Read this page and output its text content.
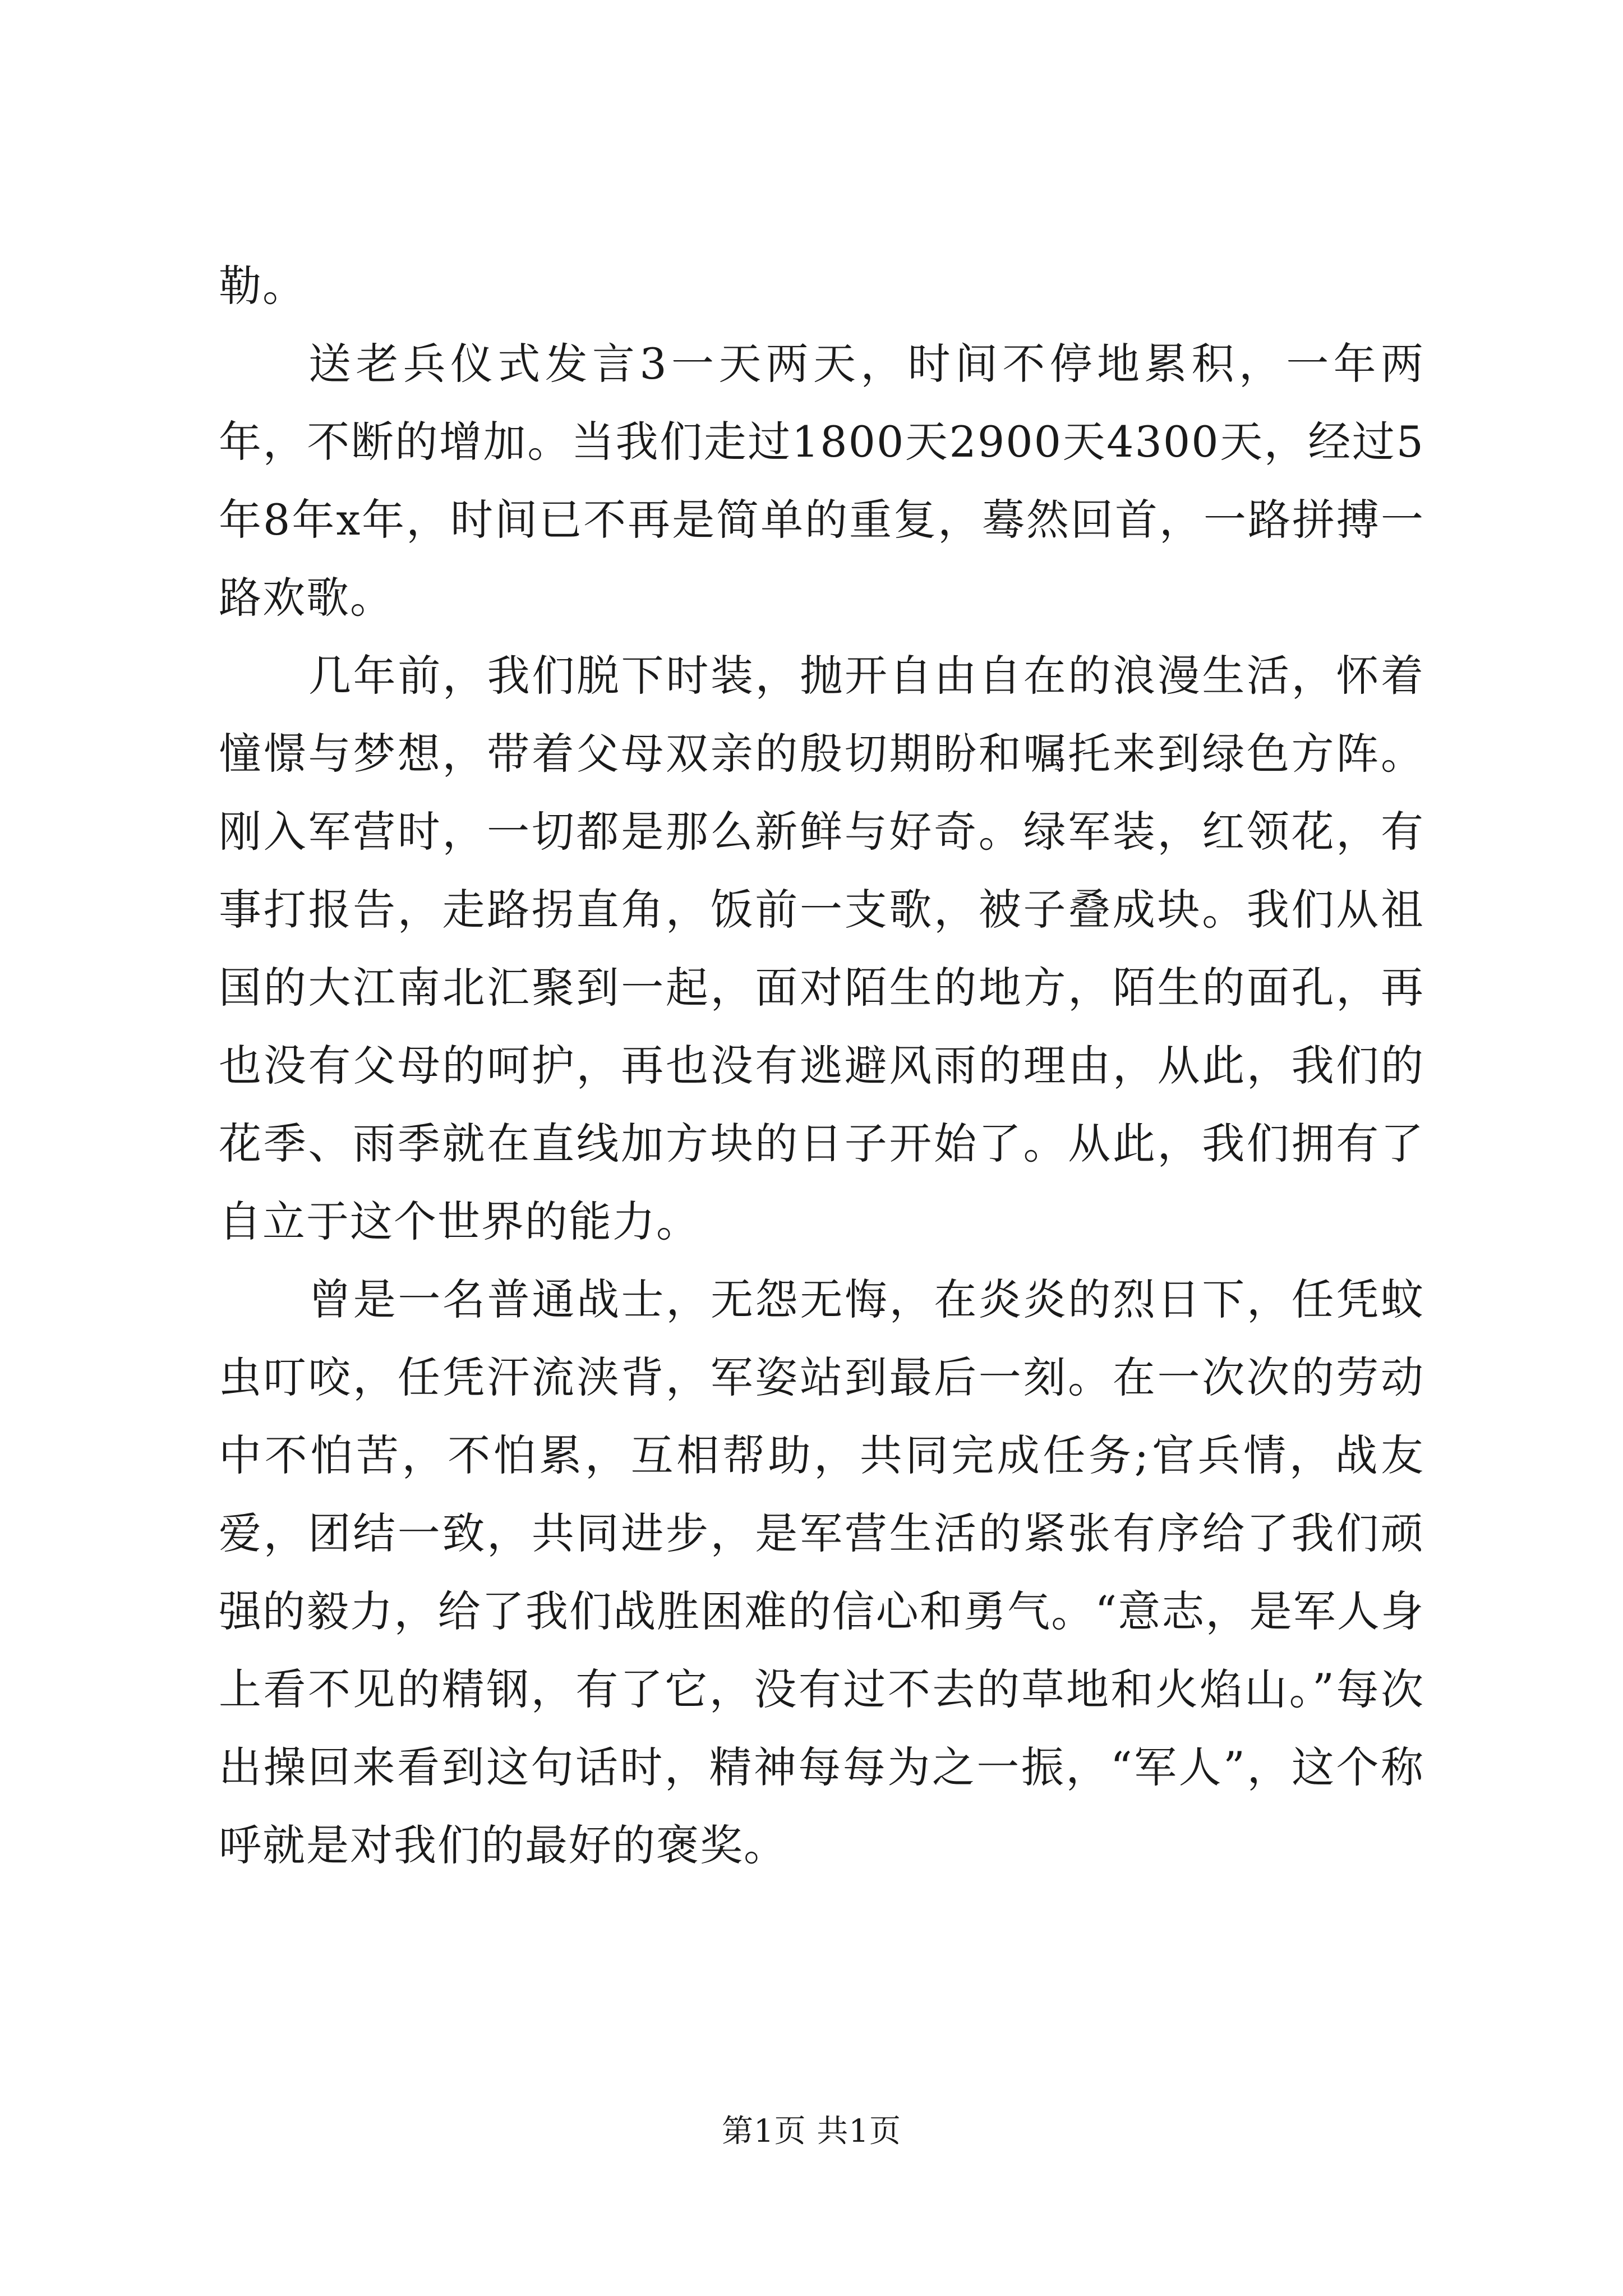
勒。

送老兵仪式发言3一天两天，时间不停地累积，一年两年，不断的增加。当我们走过1800天2900天4300天，经过5年8年x年，时间已不再是简单的重复，蓦然回首，一路拼搏一路欢歌。

几年前，我们脱下时装，抛开自由自在的浪漫生活，怀着憧憬与梦想，带着父母双亲的殷切期盼和嘱托来到绿色方阵。刚入军营时，一切都是那么新鲜与好奇。绿军装，红领花，有事打报告，走路拐直角，饭前一支歌，被子叠成块。我们从祖国的大江南北汇聚到一起，面对陌生的地方，陌生的面孔，再也没有父母的呵护，再也没有逃避风雨的理由，从此，我们的花季、雨季就在直线加方块的日子开始了。从此，我们拥有了自立于这个世界的能力。

曾是一名普通战士，无怨无悔，在炎炎的烈日下，任凭蚊虫叮咬，任凭汗流浃背，军姿站到最后一刻。在一次次的劳动中不怕苦，不怕累，互相帮助，共同完成任务;官兵情，战友爱，团结一致，共同进步，是军营生活的紧张有序给了我们顽强的毅力，给了我们战胜困难的信心和勇气。“意志，是军人身上看不见的精钢，有了它，没有过不去的草地和火焰山。”每次出操回来看到这句话时，精神每每为之一振，“军人”，这个称呼就是对我们的最好的褒奖。

第1页 共1页
